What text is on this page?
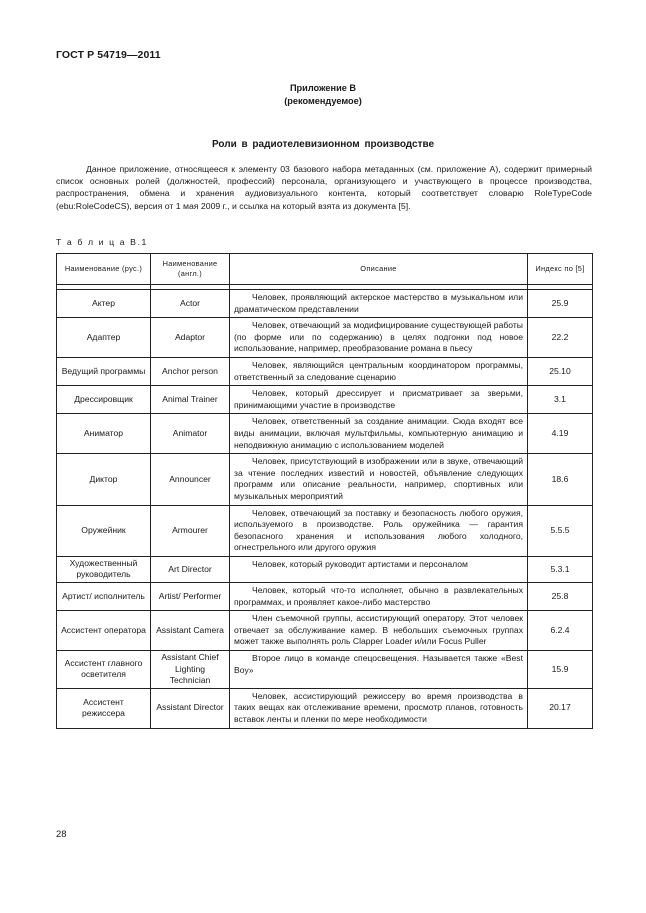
ГОСТ Р 54719—2011
Приложение В
(рекомендуемое)
Роли в радиотелевизионном производстве

Данное приложение, относящееся к элементу 03 базового набора метаданных (см. приложение А), содержит примерный список основных ролей (должностей, профессий) персонала, организующего и участвующего в процессе производства, распространения, обмена и хранения аудиовизуального контента, который соответствует словарю RoleTypeCode (ebu:RoleCodeCS), версия от 1 мая 2009 г., и ссылка на который взята из документа [5].

Т а б л и ц а В.1
Наименование (рус.)	Наименование (англ.)	Описание	Индекс по [5]

Актер	Actor	Человек, проявляющий актерское мастерство в музыкальном или драматическом представлении	25.9
Адаптер	Adaptor	Человек, отвечающий за модифицирование существующей работы (по форме или по содержанию) в целях подгонки под новое использование, например, преобразование романа в пьесу	22.2
Ведущий программы	Anchor person	Человек, являющийся центральным координатором программы, ответственный за следование сценарию	25.10
Дрессировщик	Animal Trainer	Человек, который дрессирует и присматривает за зверьми, принимающими участие в производстве	3.1
Аниматор	Animator	Человек, ответственный за создание анимации. Сюда входят все виды анимации, включая мультфильмы, компьютерную анимацию и неподвижную анимацию с использованием моделей	4.19
Диктор	Announcer	Человек, присутствующий в изображении или в звуке, отвечающий за чтение последних известий и новостей, объявление следующих программ или описание реальности, например, спортивных или музыкальных мероприятий	18.6
Оружейник	Armourer	Человек, отвечающий за поставку и безопасность любого оружия, используемого в производстве. Роль оружейника — гарантия безопасного хранения и использования любого холодного, огнестрельного или другого оружия	5.5.5
Художественный руководитель	Art Director	Человек, который руководит артистами и персоналом	5.3.1
Артист/ исполнитель	Artist/ Performer	Человек, который что-то исполняет, обычно в развлекательных программах, и проявляет какое-либо мастерство	25.8
Ассистент оператора	Assistant Camera	Член съемочной группы, ассистирующий оператору. Этот человек отвечает за обслуживание камер. В небольших съемочных группах может также выполнять роль Clapper Loader и/или Focus Puller	6.2.4
Ассистент главного осветителя	Assistant Chief Lighting Technician	Второе лицо в команде спецосвещения. Называется также «Best Boy»	15.9
Ассистент режиссера	Assistant Director	Человек, ассистирующий режиссеру во время производства в таких вещах как отслеживание времени, просмотр планов, готовность вставок ленты и пленки по мере необходимости	20.17
28
